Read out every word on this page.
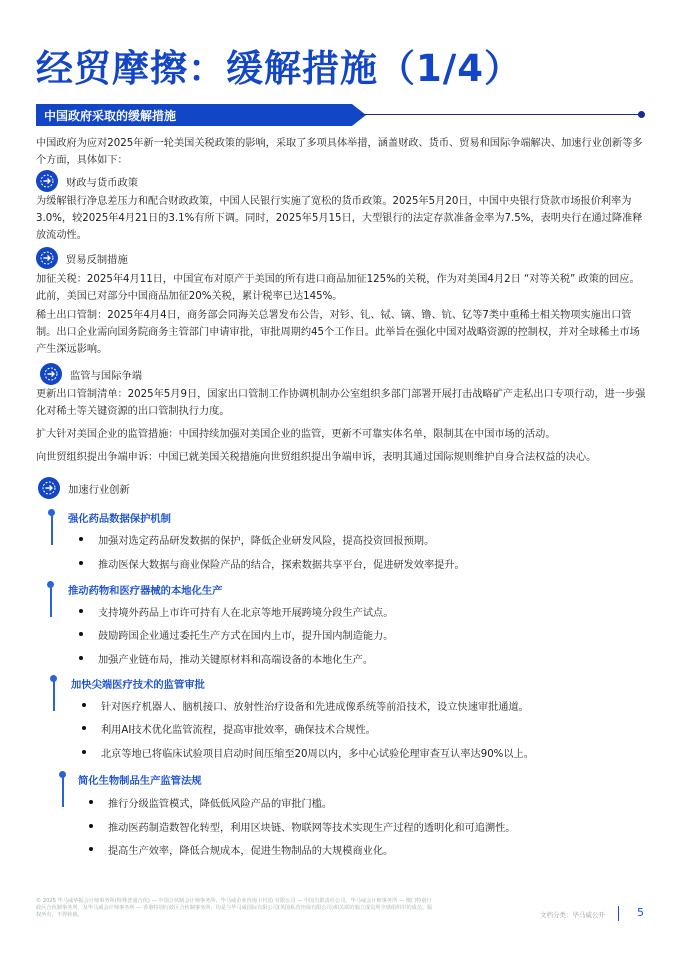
经贸摩擦：缓解措施（1/4）
中国政府采取的缓解措施
中国政府为应对2025年新一轮美国关税政策的影响，采取了多项具体举措，涵盖财政、货币、贸易和国际争端解决、加速行业创新等多个方面，具体如下：
财政与货币政策
为缓解银行净息差压力和配合财政政策，中国人民银行实施了宽松的货币政策。2025年5月20日，中国中央银行贷款市场报价利率为3.0%，较2025年4月21日的3.1%有所下调。同时，2025年5月15日，大型银行的法定存款准备金率为7.5%，表明央行在通过降准释放流动性。
贸易反制措施
加征关税：2025年4月11日，中国宣布对原产于美国的所有进口商品加征125%的关税，作为对美国4月2日 “对等关税” 政策的回应。此前，美国已对部分中国商品加征20%关税，累计税率已达145%。
稀土出口管制：2025年4月4日，商务部会同海关总署发布公告，对钐、钆、铽、镝、镥、钪、钇等7类中重稀土相关物项实施出口管制。出口企业需向国务院商务主管部门申请审批，审批周期约45个工作日。此举旨在强化中国对战略资源的控制权，并对全球稀土市场产生深远影响。
监管与国际争端
更新出口管制清单：2025年5月9日，国家出口管制工作协调机制办公室组织多部门部署开展打击战略矿产走私出口专项行动，进一步强化对稀土等关键资源的出口管制执行力度。
扩大针对美国企业的监管措施：中国持续加强对美国企业的监管，更新不可靠实体名单，限制其在中国市场的活动。
向世贸组织提出争端申诉：中国已就美国关税措施向世贸组织提出争端申诉，表明其通过国际规则维护自身合法权益的决心。
加速行业创新
强化药品数据保护机制
加强对选定药品研发数据的保护，降低企业研发风险，提高投资回报预期。
推动医保大数据与商业保险产品的结合，探索数据共享平台，促进研发效率提升。
推动药物和医疗器械的本地化生产
支持境外药品上市许可持有人在北京等地开展跨境分段生产试点。
鼓励跨国企业通过委托生产方式在国内上市，提升国内制造能力。
加强产业链布局，推动关键原材料和高端设备的本地化生产。
加快尖端医疗技术的监管审批
针对医疗机器人、脑机接口、放射性治疗设备和先进成像系统等前沿技术，设立快速审批通道。
利用AI技术优化监管流程，提高审批效率，确保技术合规性。
北京等地已将临床试验项目启动时间压缩至20周以内，多中心试验伦理审查互认率达90%以上。
简化生物制品生产监管法规
推行分级监管模式，降低低风险产品的审批门槛。
推动医药制造数智化转型，利用区块链、物联网等技术实现生产过程的透明化和可追溯性。
提高生产效率，降低合规成本，促进生物制品的大规模商业化。
© 2025 毕马威华振会计师事务所(特殊普通合伙) — 中国合伙制会计师事务所，毕马威企业咨询 (中国) 有限公司 — 中国有限责任公司，毕马威会计师事务所 — 澳门特别行政区合伙制事务所，及毕马威会计师事务所 — 香港特别行政区合伙制事务所，均是与毕马威国际有限公司(英国私营担保有限公司)相关联的独立成员所全球组织中的成员。版权所有，不得转载。	文档分类：毕马威公开	5
